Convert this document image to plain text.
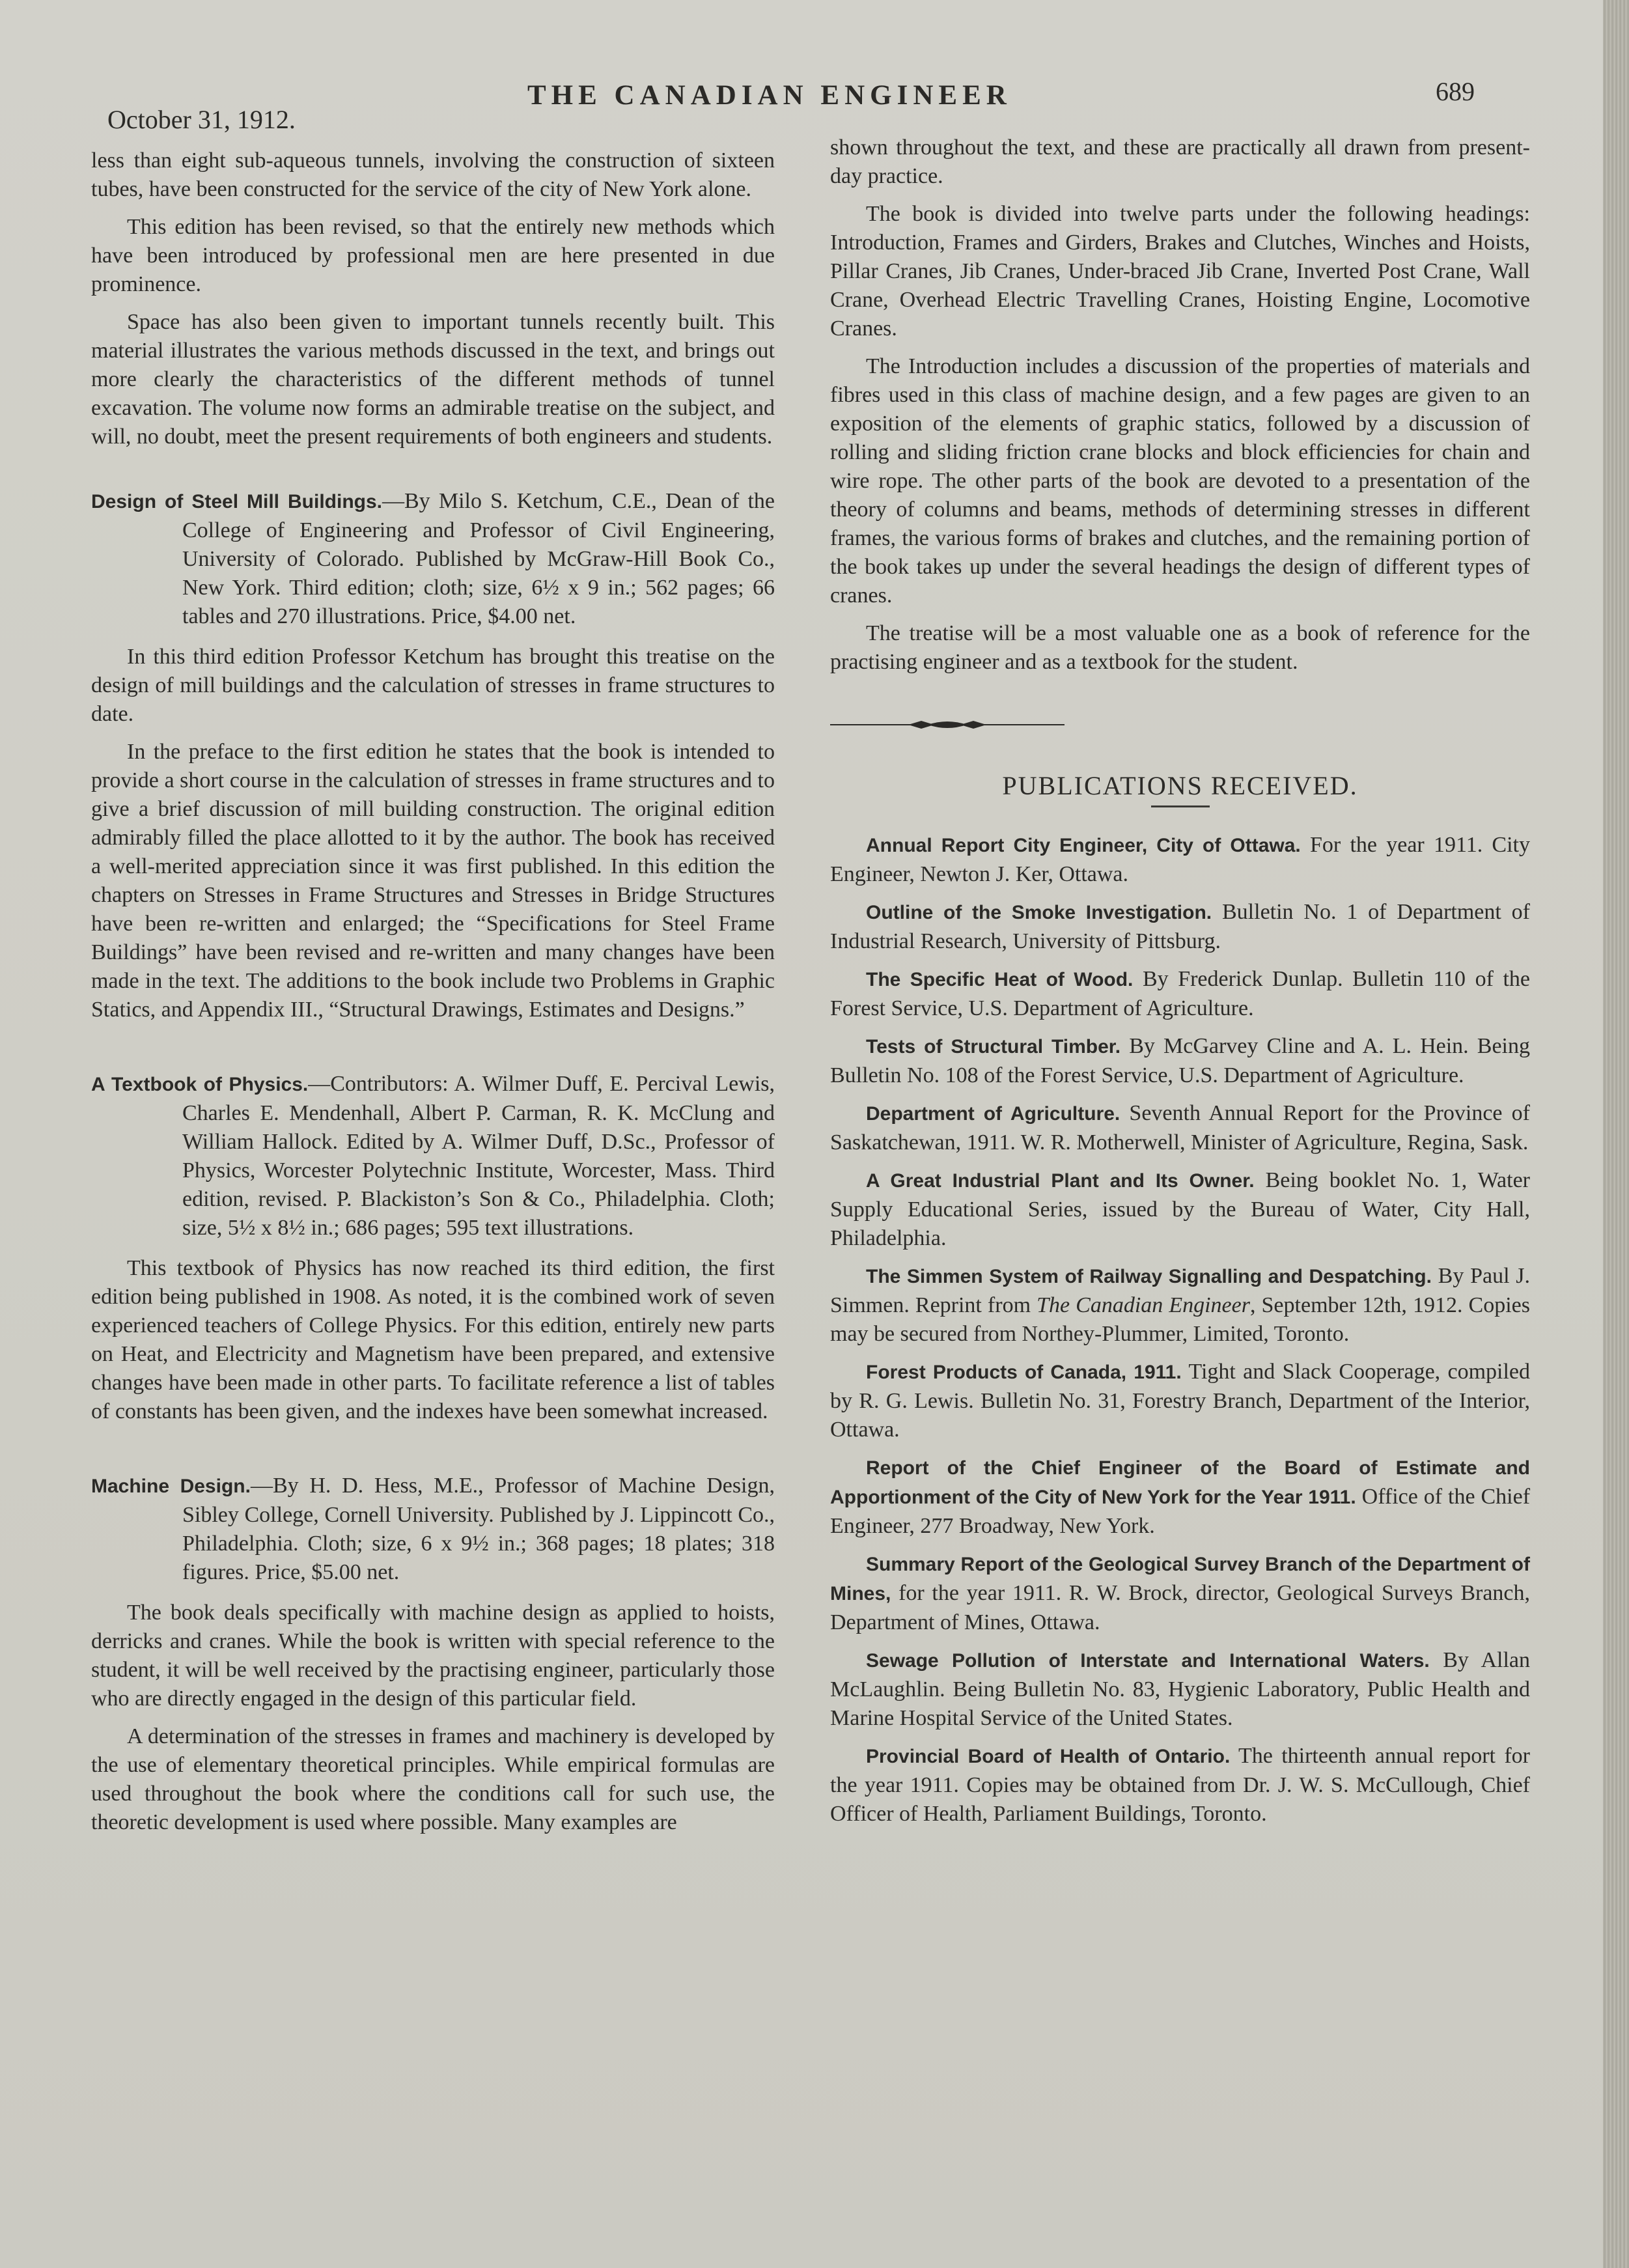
October 31, 1912.
THE CANADIAN ENGINEER	689

less than eight sub-aqueous tunnels, involving the construction of sixteen tubes, have been constructed for the service of the city of New York alone.

This edition has been revised, so that the entirely new methods which have been introduced by professional men are here presented in due prominence.

Space has also been given to important tunnels recently built. This material illustrates the various methods discussed in the text, and brings out more clearly the characteristics of the different methods of tunnel excavation. The volume now forms an admirable treatise on the subject, and will, no doubt, meet the present requirements of both engineers and students.

Design of Steel Mill Buildings.—By Milo S. Ketchum, C.E., Dean of the College of Engineering and Professor of Civil Engineering, University of Colorado. Published by McGraw-Hill Book Co., New York. Third edition; cloth; size, 6½ x 9 in.; 562 pages; 66 tables and 270 illustrations. Price, $4.00 net.

In this third edition Professor Ketchum has brought this treatise on the design of mill buildings and the calculation of stresses in frame structures to date.

In the preface to the first edition he states that the book is intended to provide a short course in the calculation of stresses in frame structures and to give a brief discussion of mill building construction. The original edition admirably filled the place allotted to it by the author. The book has received a well-merited appreciation since it was first published. In this edition the chapters on Stresses in Frame Structures and Stresses in Bridge Structures have been re-written and enlarged; the “Specifications for Steel Frame Buildings” have been revised and re-written and many changes have been made in the text. The additions to the book include two Problems in Graphic Statics, and Appendix III., “Structural Drawings, Estimates and Designs.”

A Textbook of Physics.—Contributors: A. Wilmer Duff, E. Percival Lewis, Charles E. Mendenhall, Albert P. Carman, R. K. McClung and William Hallock. Edited by A. Wilmer Duff, D.Sc., Professor of Physics, Worcester Polytechnic Institute, Worcester, Mass. Third edition, revised. P. Blackiston’s Son & Co., Philadelphia. Cloth; size, 5½ x 8½ in.; 686 pages; 595 text illustrations.

This textbook of Physics has now reached its third edition, the first edition being published in 1908. As noted, it is the combined work of seven experienced teachers of College Physics. For this edition, entirely new parts on Heat, and Electricity and Magnetism have been prepared, and extensive changes have been made in other parts. To facilitate reference a list of tables of constants has been given, and the indexes have been somewhat increased.

Machine Design.—By H. D. Hess, M.E., Professor of Machine Design, Sibley College, Cornell University. Published by J. Lippincott Co., Philadelphia. Cloth; size, 6 x 9½ in.; 368 pages; 18 plates; 318 figures. Price, $5.00 net.

The book deals specifically with machine design as applied to hoists, derricks and cranes. While the book is written with special reference to the student, it will be well received by the practising engineer, particularly those who are directly engaged in the design of this particular field.

A determination of the stresses in frames and machinery is developed by the use of elementary theoretical principles. While empirical formulas are used throughout the book where the conditions call for such use, the theoretic development is used where possible. Many examples are

shown throughout the text, and these are practically all drawn from present-day practice.

The book is divided into twelve parts under the following headings: Introduction, Frames and Girders, Brakes and Clutches, Winches and Hoists, Pillar Cranes, Jib Cranes, Under-braced Jib Crane, Inverted Post Crane, Wall Crane, Overhead Electric Travelling Cranes, Hoisting Engine, Locomotive Cranes.

The Introduction includes a discussion of the properties of materials and fibres used in this class of machine design, and a few pages are given to an exposition of the elements of graphic statics, followed by a discussion of rolling and sliding friction crane blocks and block efficiencies for chain and wire rope. The other parts of the book are devoted to a presentation of the theory of columns and beams, methods of determining stresses in different frames, the various forms of brakes and clutches, and the remaining portion of the book takes up under the several headings the design of different types of cranes.

The treatise will be a most valuable one as a book of reference for the practising engineer and as a textbook for the student.

PUBLICATIONS RECEIVED.

Annual Report City Engineer, City of Ottawa. For the year 1911. City Engineer, Newton J. Ker, Ottawa.

Outline of the Smoke Investigation. Bulletin No. 1 of Department of Industrial Research, University of Pittsburg.

The Specific Heat of Wood. By Frederick Dunlap. Bulletin 110 of the Forest Service, U.S. Department of Agriculture.

Tests of Structural Timber. By McGarvey Cline and A. L. Hein. Being Bulletin No. 108 of the Forest Service, U.S. Department of Agriculture.

Department of Agriculture. Seventh Annual Report for the Province of Saskatchewan, 1911. W. R. Motherwell, Minister of Agriculture, Regina, Sask.

A Great Industrial Plant and Its Owner. Being booklet No. 1, Water Supply Educational Series, issued by the Bureau of Water, City Hall, Philadelphia.

The Simmen System of Railway Signalling and Despatching. By Paul J. Simmen. Reprint from The Canadian Engineer, September 12th, 1912. Copies may be secured from Northey-Plummer, Limited, Toronto.

Forest Products of Canada, 1911. Tight and Slack Cooperage, compiled by R. G. Lewis. Bulletin No. 31, Forestry Branch, Department of the Interior, Ottawa.

Report of the Chief Engineer of the Board of Estimate and Apportionment of the City of New York for the Year 1911. Office of the Chief Engineer, 277 Broadway, New York.

Summary Report of the Geological Survey Branch of the Department of Mines, for the year 1911. R. W. Brock, director, Geological Surveys Branch, Department of Mines, Ottawa.

Sewage Pollution of Interstate and International Waters. By Allan McLaughlin. Being Bulletin No. 83, Hygienic Laboratory, Public Health and Marine Hospital Service of the United States.

Provincial Board of Health of Ontario. The thirteenth annual report for the year 1911. Copies may be obtained from Dr. J. W. S. McCullough, Chief Officer of Health, Parliament Buildings, Toronto.
